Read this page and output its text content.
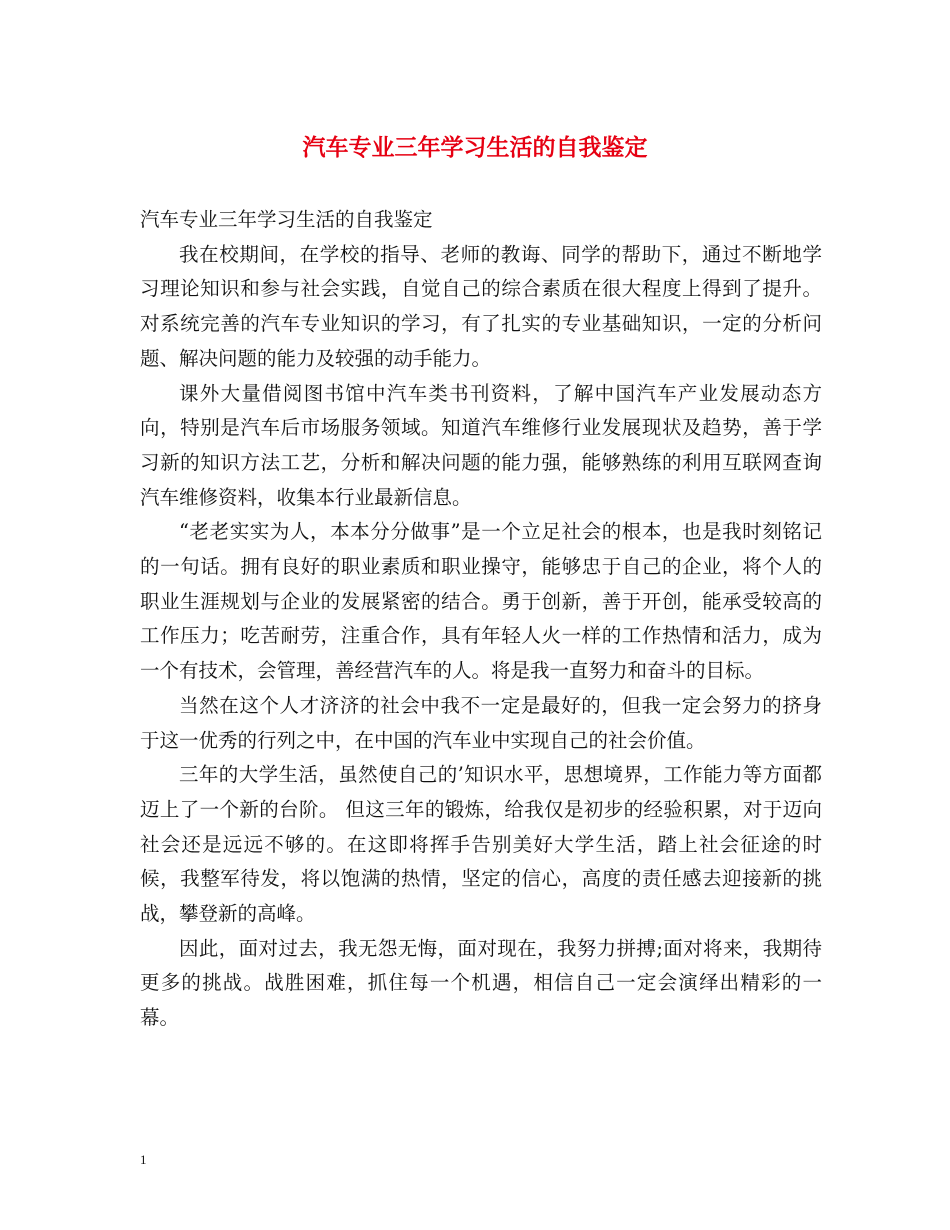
汽车专业三年学习生活的自我鉴定

汽车专业三年学习生活的自我鉴定

我在校期间，在学校的指导、老师的教诲、同学的帮助下，通过不断地学习理论知识和参与社会实践，自觉自己的综合素质在很大程度上得到了提升。对系统完善的汽车专业知识的学习，有了扎实的专业基础知识，一定的分析问题、解决问题的能力及较强的动手能力。

课外大量借阅图书馆中汽车类书刊资料，了解中国汽车产业发展动态方向，特别是汽车后市场服务领域。知道汽车维修行业发展现状及趋势，善于学习新的知识方法工艺，分析和解决问题的能力强，能够熟练的利用互联网查询汽车维修资料，收集本行业最新信息。

“老老实实为人，本本分分做事”是一个立足社会的根本，也是我时刻铭记的一句话。拥有良好的职业素质和职业操守，能够忠于自己的企业，将个人的职业生涯规划与企业的发展紧密的结合。勇于创新，善于开创，能承受较高的工作压力；吃苦耐劳，注重合作，具有年轻人火一样的工作热情和活力，成为一个有技术，会管理，善经营汽车的人。将是我一直努力和奋斗的目标。

当然在这个人才济济的社会中我不一定是最好的，但我一定会努力的挤身于这一优秀的行列之中，在中国的汽车业中实现自己的社会价值。

三年的大学生活，虽然使自己的’知识水平，思想境界，工作能力等方面都迈上了一个新的台阶。 但这三年的锻炼，给我仅是初步的经验积累，对于迈向社会还是远远不够的。在这即将挥手告别美好大学生活，踏上社会征途的时候，我整军待发，将以饱满的热情，坚定的信心，高度的责任感去迎接新的挑战，攀登新的高峰。

因此，面对过去，我无怨无悔，面对现在，我努力拼搏;面对将来，我期待更多的挑战。战胜困难，抓住每一个机遇，相信自己一定会演绎出精彩的一幕。

1
